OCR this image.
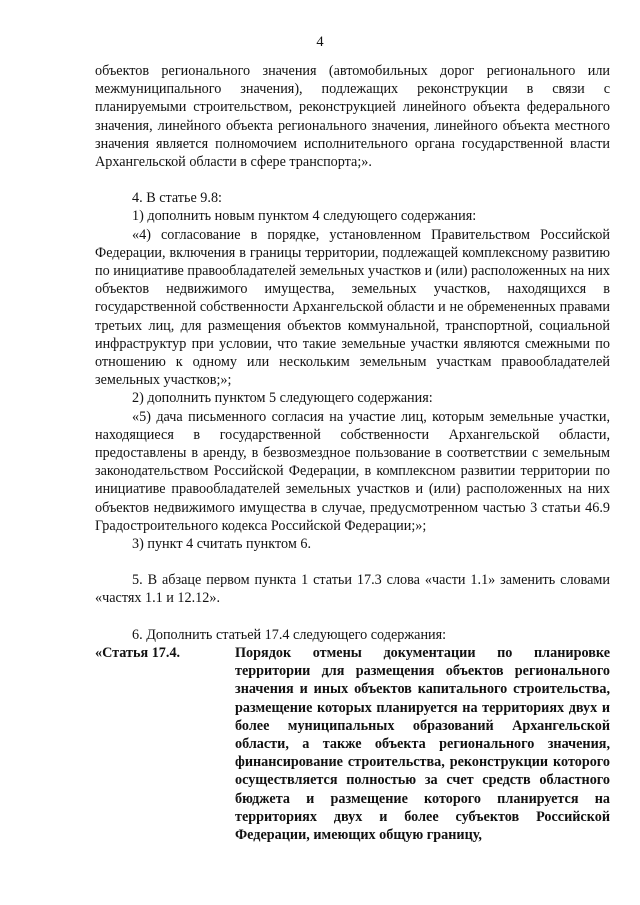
4

объектов регионального значения (автомобильных дорог регионального или межмуниципального значения), подлежащих реконструкции в связи с планируемыми строительством, реконструкцией линейного объекта федерального значения, линейного объекта регионального значения, линейного объекта местного значения является полномочием исполнительного органа государственной власти Архангельской области в сфере транспорта;».

4. В статье 9.8:

1) дополнить новым пунктом 4 следующего содержания:

«4) согласование в порядке, установленном Правительством Российской Федерации, включения в границы территории, подлежащей комплексному развитию по инициативе правообладателей земельных участков и (или) расположенных на них объектов недвижимого имущества, земельных участков, находящихся в государственной собственности Архангельской области и не обремененных правами третьих лиц, для размещения объектов коммунальной, транспортной, социальной инфраструктур при условии, что такие земельные участки являются смежными по отношению к одному или нескольким земельным участкам правообладателей земельных участков;»;

2) дополнить пунктом 5 следующего содержания:

«5) дача письменного согласия на участие лиц, которым земельные участки, находящиеся в государственной собственности Архангельской области, предоставлены в аренду, в безвозмездное пользование в соответствии с земельным законодательством Российской Федерации, в комплексном развитии территории по инициативе правообладателей земельных участков и (или) расположенных на них объектов недвижимого имущества в случае, предусмотренном частью 3 статьи 46.9 Градостроительного кодекса Российской Федерации;»;

3) пункт 4 считать пунктом 6.

5. В абзаце первом пункта 1 статьи 17.3 слова «части 1.1» заменить словами «частях 1.1 и 12.12».

6. Дополнить статьей 17.4 следующего содержания:

«Статья 17.4.	Порядок отмены документации по планировке территории для размещения объектов регионального значения и иных объектов капитального строительства, размещение которых планируется на территориях двух и более муниципальных образований Архангельской области, а также объекта регионального значения, финансирование строительства, реконструкции которого осуществляется полностью за счет средств областного бюджета и размещение которого планируется на территориях двух и более субъектов Российской Федерации, имеющих общую границу,
